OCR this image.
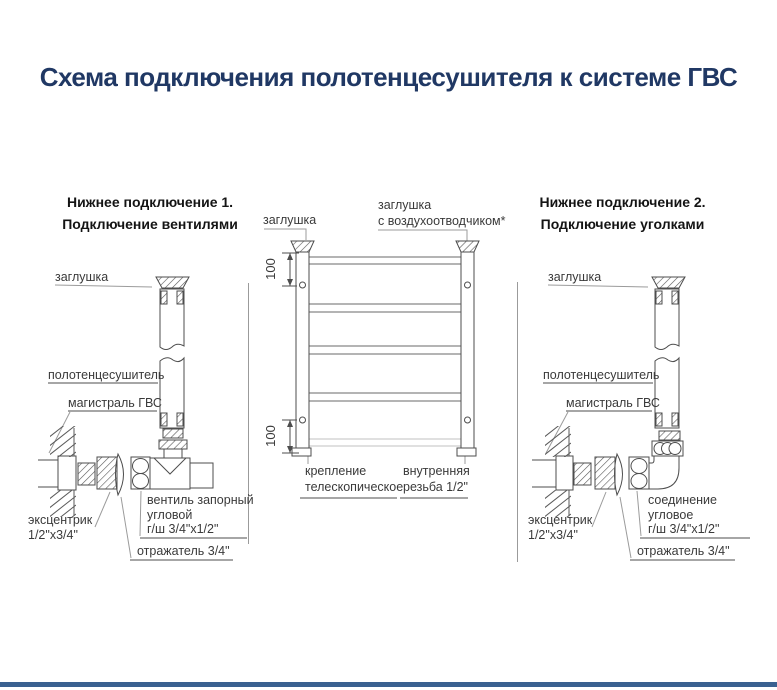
Схема подключения полотенцесушителя к системе ГВС
Нижнее подключение 1.
Подключение вентилями
Нижнее подключение 2.
Подключение уголками
заглушка
полотенцесушитель
магистраль ГВС
вентиль запорный
угловой
г/ш 3/4"х1/2"
эксцентрик
1/2"х3/4"
отражатель 3/4"
заглушка
заглушка
с воздухоотводчиком*
100
100
крепление
телескопическое
внутренняя
резьба 1/2"
заглушка
полотенцесушитель
магистраль ГВС
соединение
угловое
г/ш 3/4"х1/2"
эксцентрик
1/2"х3/4"
отражатель 3/4"
